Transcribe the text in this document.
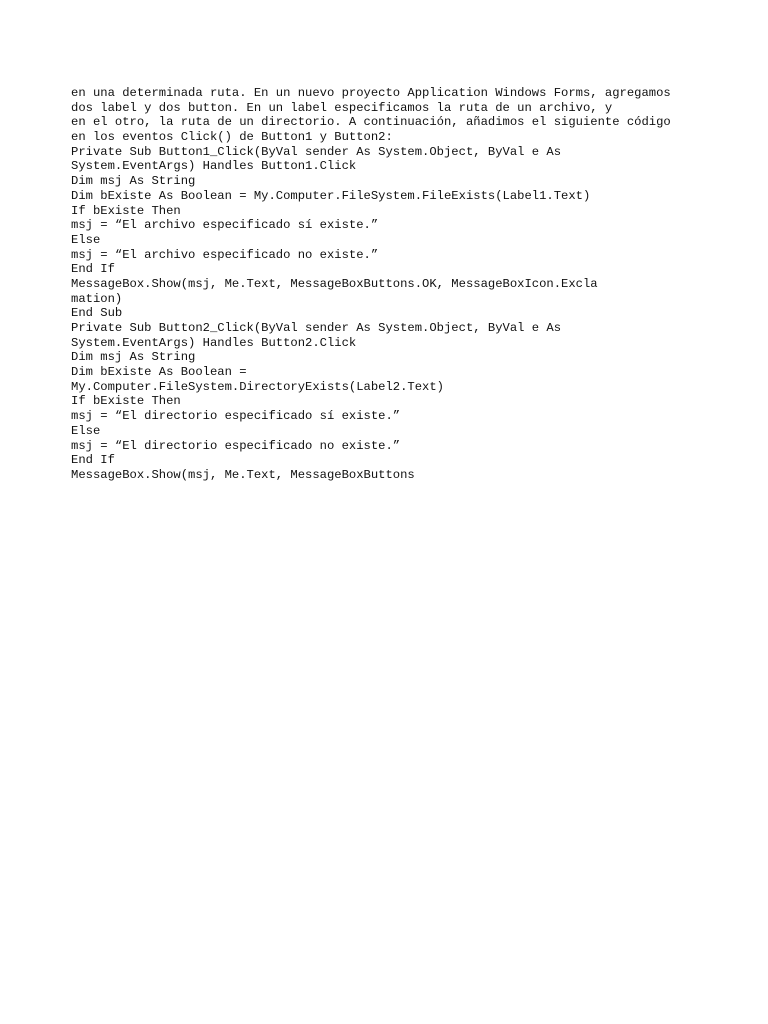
en una determinada ruta. En un nuevo proyecto Application Windows Forms, agregamos
dos label y dos button. En un label especificamos la ruta de un archivo, y
en el otro, la ruta de un directorio. A continuación, añadimos el siguiente código
en los eventos Click() de Button1 y Button2:
Private Sub Button1_Click(ByVal sender As System.Object, ByVal e As
System.EventArgs) Handles Button1.Click
Dim msj As String
Dim bExiste As Boolean = My.Computer.FileSystem.FileExists(Label1.Text)
If bExiste Then
msj = “El archivo especificado sí existe.”
Else
msj = “El archivo especificado no existe.”
End If
MessageBox.Show(msj, Me.Text, MessageBoxButtons.OK, MessageBoxIcon.Excla
mation)
End Sub
Private Sub Button2_Click(ByVal sender As System.Object, ByVal e As
System.EventArgs) Handles Button2.Click
Dim msj As String
Dim bExiste As Boolean =
My.Computer.FileSystem.DirectoryExists(Label2.Text)
If bExiste Then
msj = “El directorio especificado sí existe.”
Else
msj = “El directorio especificado no existe.”
End If
MessageBox.Show(msj, Me.Text, MessageBoxButtons
